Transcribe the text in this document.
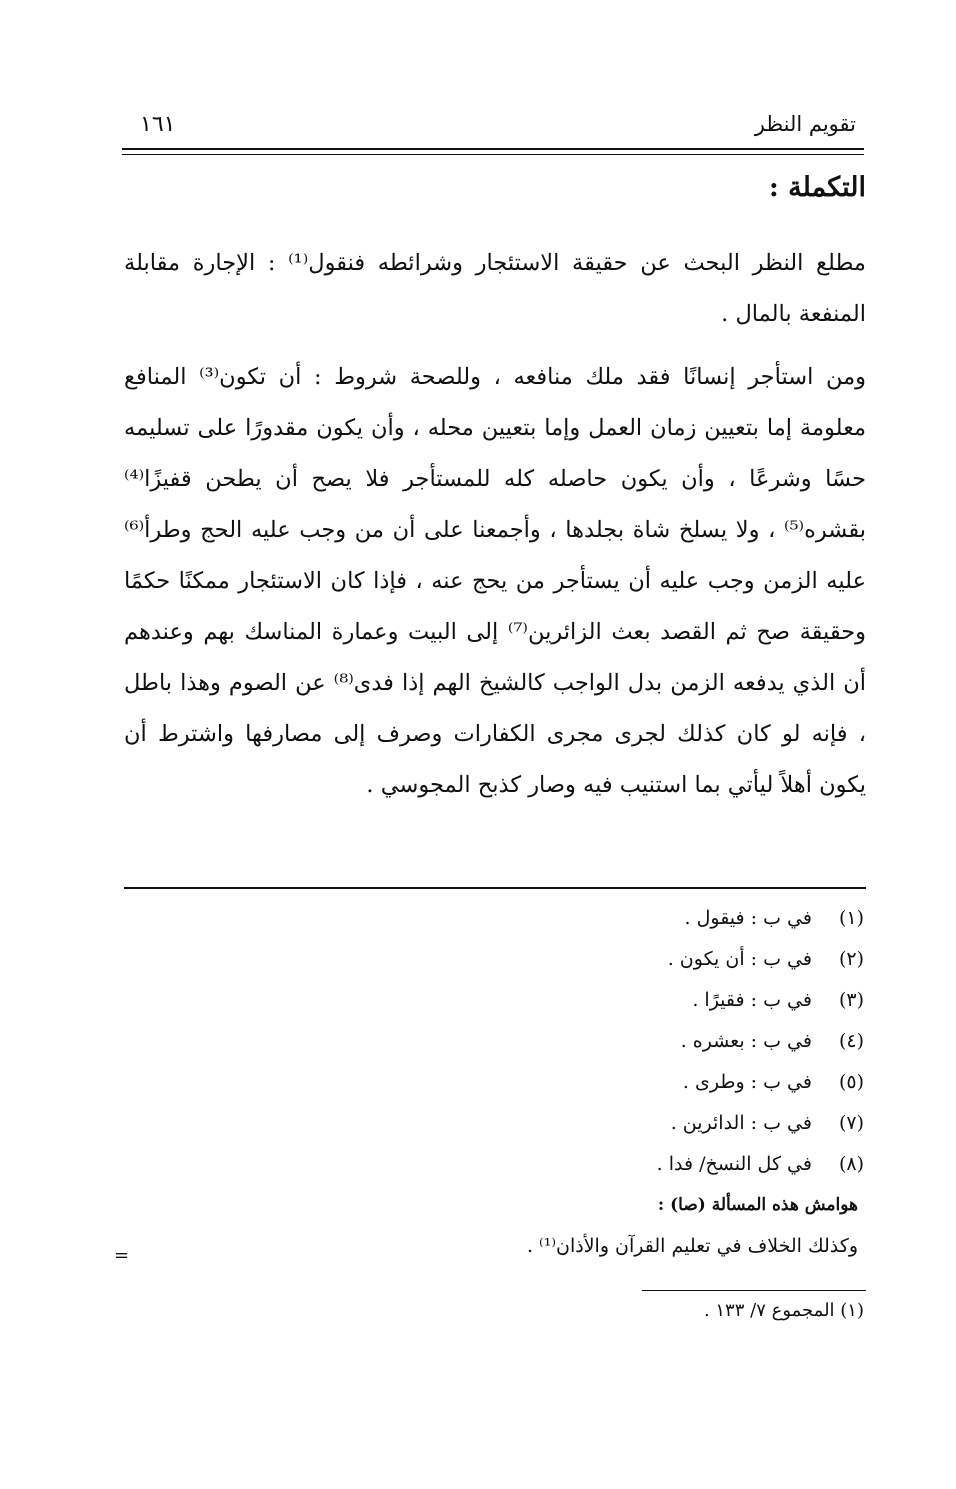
تقويم النظر
١٦١
التكملة :
مطلع النظر البحث عن حقيقة الاستئجار وشرائطه فنقول⁽¹⁾ : الإجارة مقابلة المنفعة بالمال .
ومن استأجر إنسانًا فقد ملك منافعه ، وللصحة شروط : أن تكون⁽³⁾ المنافع معلومة إما بتعيين زمان العمل وإما بتعيين محله ، وأن يكون مقدورًا على تسليمه حسًا وشرعًا ، وأن يكون حاصله كله للمستأجر فلا يصح أن يطحن قفيزًا⁽⁴⁾ بقشره⁽⁵⁾ ، ولا يسلخ شاة بجلدها ، وأجمعنا على أن من وجب عليه الحج وطرأ⁽⁶⁾ عليه الزمن وجب عليه أن يستأجر من يحج عنه ، فإذا كان الاستئجار ممكنًا حكمًا وحقيقة صح ثم القصد بعث الزائرين⁽⁷⁾ إلى البيت وعمارة المناسك بهم وعندهم أن الذي يدفعه الزمن بدل الواجب كالشيخ الهم إذا فدى⁽⁸⁾ عن الصوم وهذا باطل ، فإنه لو كان كذلك لجرى مجرى الكفارات وصرف إلى مصارفها واشترط أن يكون أهلاً ليأتي بما استنيب فيه وصار كذبح المجوسي .
(١) في ب : فيقول .
(٢) في ب : أن يكون .
(٣) في ب : فقيرًا .
(٤) في ب : بعشره .
(٥) في ب : وطرى .
(٧) في ب : الدائرين .
(٨) في كل النسخ/ فدا .
هوامش هذه المسألة (صا) :
وكذلك الخلاف في تعليم القرآن والأذان⁽¹⁾ .
=
(١) المجموع ٧/ ١٣٣ .
